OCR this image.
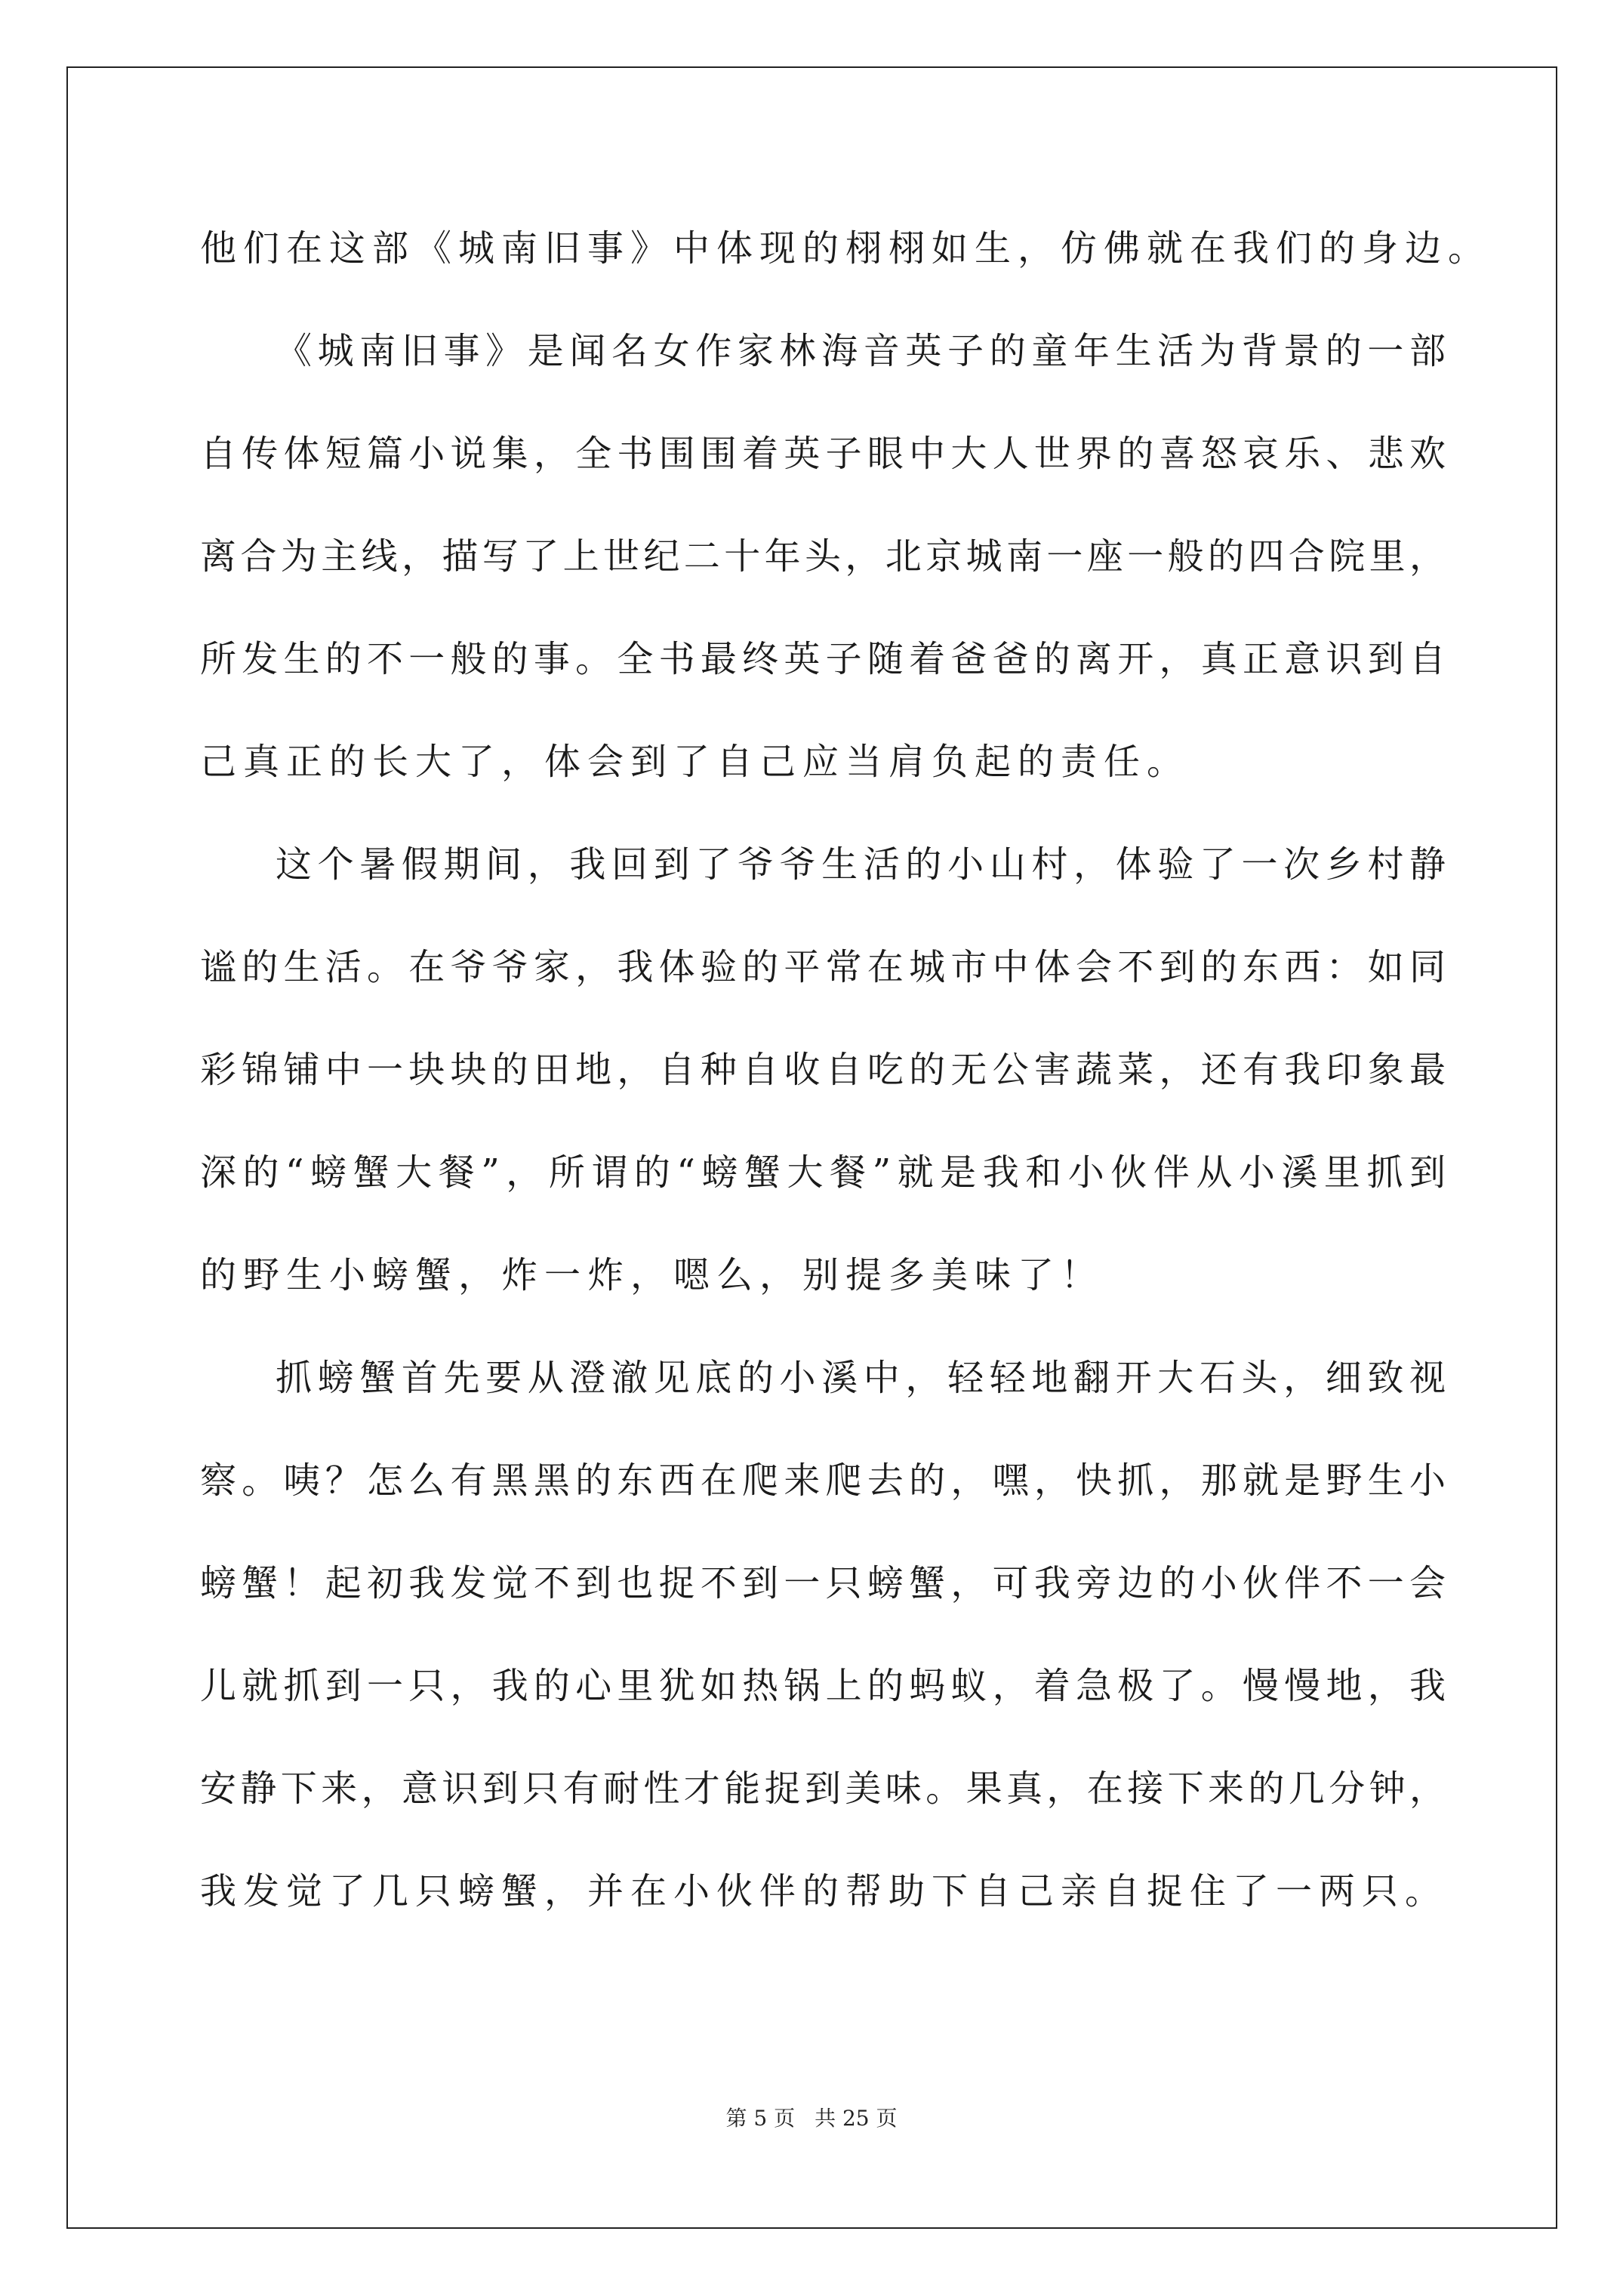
他们在这部《城南旧事》中体现的栩栩如生，仿佛就在我们的身边。
《城南旧事》是闻名女作家林海音英子的童年生活为背景的一部
自传体短篇小说集，全书围围着英子眼中大人世界的喜怒哀乐、悲欢
离合为主线，描写了上世纪二十年头，北京城南一座一般的四合院里，
所发生的不一般的事。全书最终英子随着爸爸的离开，真正意识到自
己真正的长大了，体会到了自己应当肩负起的责任。
这个暑假期间，我回到了爷爷生活的小山村，体验了一次乡村静
谧的生活。在爷爷家，我体验的平常在城市中体会不到的东西：如同
彩锦铺中一块块的田地，自种自收自吃的无公害蔬菜，还有我印象最
深的“螃蟹大餐”，所谓的“螃蟹大餐”就是我和小伙伴从小溪里抓到
的野生小螃蟹，炸一炸，嗯么，别提多美味了！
抓螃蟹首先要从澄澈见底的小溪中，轻轻地翻开大石头，细致视
察。咦？怎么有黑黑的东西在爬来爬去的，嘿，快抓，那就是野生小
螃蟹！起初我发觉不到也捉不到一只螃蟹，可我旁边的小伙伴不一会
儿就抓到一只，我的心里犹如热锅上的蚂蚁，着急极了。慢慢地，我
安静下来，意识到只有耐性才能捉到美味。果真，在接下来的几分钟，
我发觉了几只螃蟹，并在小伙伴的帮助下自己亲自捉住了一两只。
第 5 页 共 25 页
